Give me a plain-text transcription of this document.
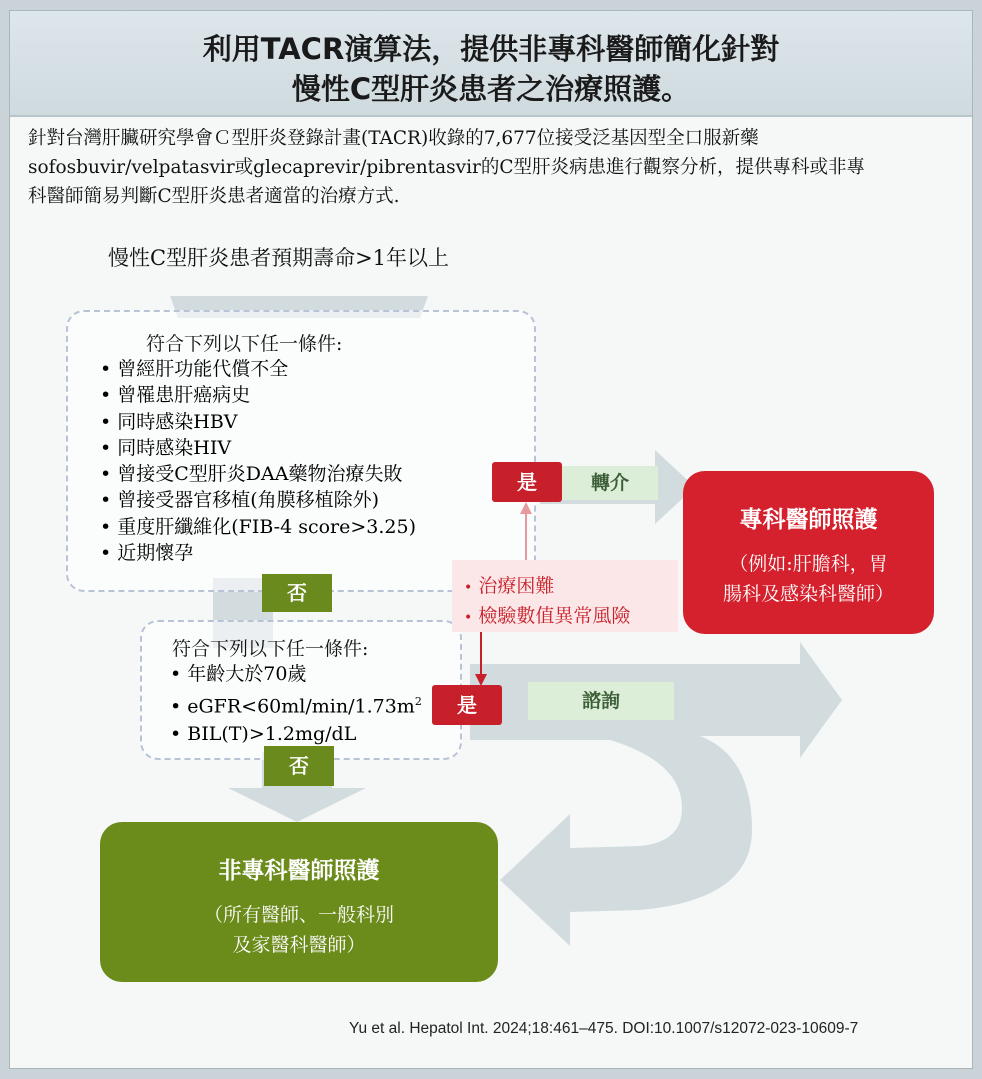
利用TACR演算法，提供非專科醫師簡化針對
慢性C型肝炎患者之治療照護。
針對台灣肝臟研究學會Ｃ型肝炎登錄計畫(TACR)收錄的7,677位接受泛基因型全口服新藥
sofosbuvir/velpatasvir或glecaprevir/pibrentasvir的C型肝炎病患進行觀察分析，提供專科或非專
科醫師簡易判斷C型肝炎患者適當的治療方式.
慢性C型肝炎患者預期壽命>1年以上
符合下列以下任一條件:
• 曾經肝功能代償不全
• 曾罹患肝癌病史
• 同時感染HBV
• 同時感染HIV
• 曾接受C型肝炎DAA藥物治療失敗
• 曾接受器官移植(角膜移植除外)
• 重度肝纖維化(FIB-4 score>3.25)
• 近期懷孕
否
符合下列以下任一條件:
• 年齡大於70歲
• $eGFR<60ml/\min/1.73m^2$
• BIL(T)>1.2mg/dL
否
是
是
轉介
諮詢
• 治療困難
• 檢驗數值異常風險
專科醫師照護
（例如:肝膽科，胃
腸科及感染科醫師）
非專科醫師照護
（所有醫師、一般科別
及家醫科醫師）
Yu et al. Hepatol Int. 2024;18:461–475. DOI:10.1007/s12072-023-10609-7
